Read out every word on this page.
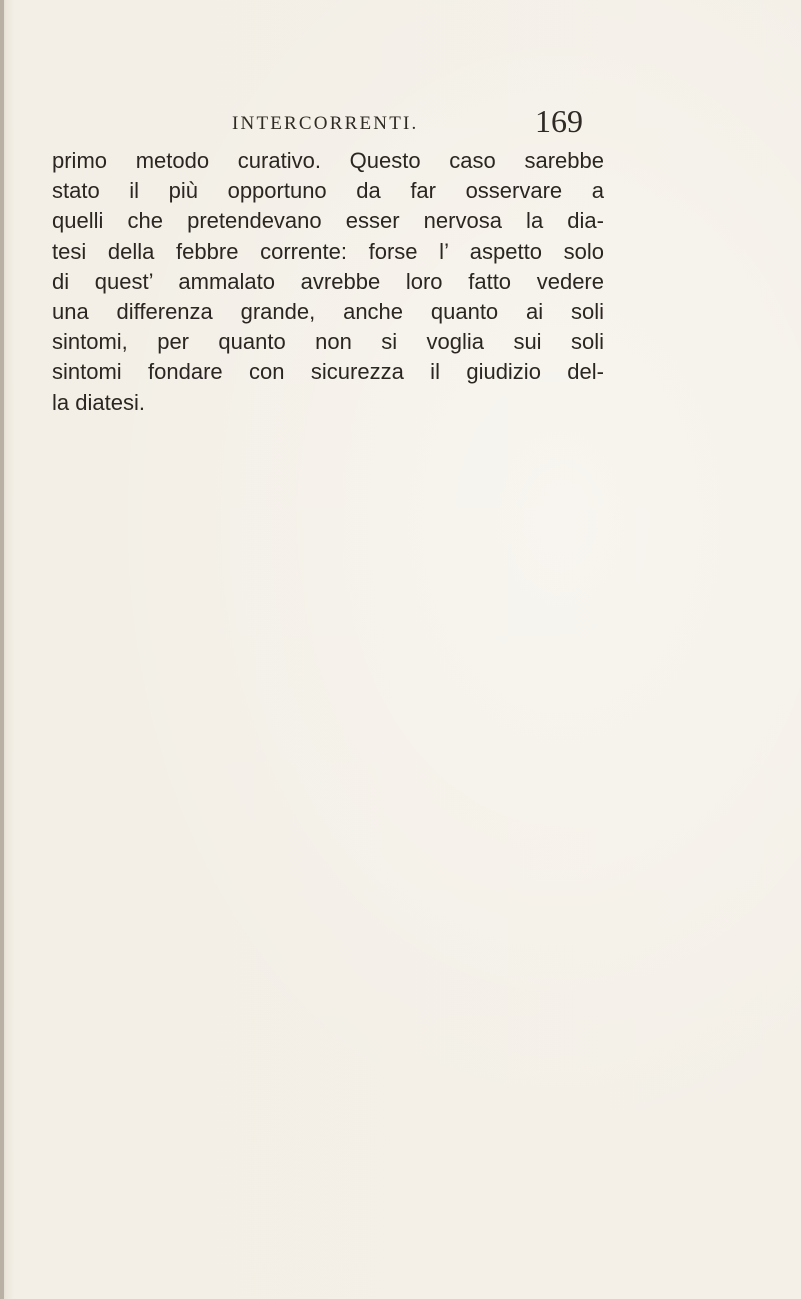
INTERCORRENTI.	169
primo metodo curativo. Questo caso sarebbe
stato il più opportuno da far osservare a
quelli che pretendevano esser nervosa la dia-
tesi della febbre corrente: forse l’ aspetto solo
di quest’ ammalato avrebbe loro fatto vedere
una differenza grande, anche quanto ai soli
sintomi, per quanto non si voglia sui soli
sintomi fondare con sicurezza il giudizio del-
la diatesi.
